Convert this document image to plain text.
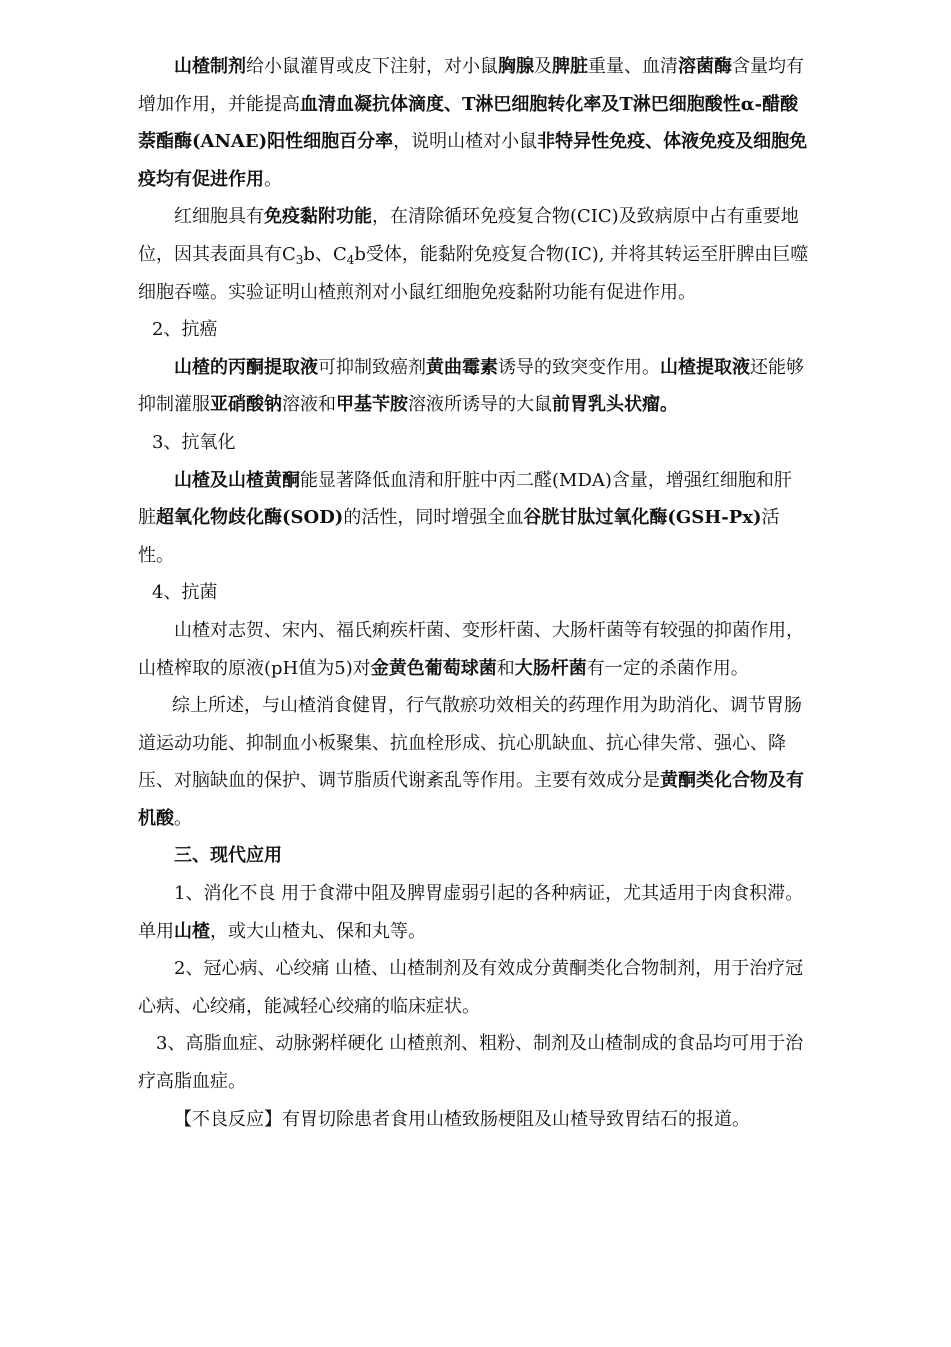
山楂制剂给小鼠灌胃或皮下注射，对小鼠胸腺及脾脏重量、血清溶菌酶含量均有增加作用，并能提高血清血凝抗体滴度、T淋巴细胞转化率及T淋巴细胞酸性α-醋酸萘酯酶(ANAE)阳性细胞百分率，说明山楂对小鼠非特异性免疫、体液免疫及细胞免疫均有促进作用。

红细胞具有免疫黏附功能，在清除循环免疫复合物(CIC)及致病原中占有重要地位，因其表面具有$C_3b$、$C_4b$受体，能黏附免疫复合物(IC), 并将其转运至肝脾由巨噬细胞吞噬。实验证明山楂煎剂对小鼠红细胞免疫黏附功能有促进作用。

2、抗癌

山楂的丙酮提取液可抑制致癌剂黄曲霉素诱导的致突变作用。山楂提取液还能够抑制灌服亚硝酸钠溶液和甲基苄胺溶液所诱导的大鼠前胃乳头状瘤。

3、抗氧化

山楂及山楂黄酮能显著降低血清和肝脏中丙二醛(MDA)含量，增强红细胞和肝脏超氧化物歧化酶(SOD)的活性，同时增强全血谷胱甘肽过氧化酶(GSH-Px)活性。

4、抗菌

山楂对志贺、宋内、福氏痢疾杆菌、变形杆菌、大肠杆菌等有较强的抑菌作用，山楂榨取的原液(pH值为5)对金黄色葡萄球菌和大肠杆菌有一定的杀菌作用。

综上所述，与山楂消食健胃，行气散瘀功效相关的药理作用为助消化、调节胃肠道运动功能、抑制血小板聚集、抗血栓形成、抗心肌缺血、抗心律失常、强心、降压、对脑缺血的保护、调节脂质代谢紊乱等作用。主要有效成分是黄酮类化合物及有机酸。

三、现代应用

1、消化不良 用于食滞中阻及脾胃虚弱引起的各种病证，尤其适用于肉食积滞。单用山楂，或大山楂丸、保和丸等。

2、冠心病、心绞痛 山楂、山楂制剂及有效成分黄酮类化合物制剂，用于治疗冠心病、心绞痛，能减轻心绞痛的临床症状。

3、高脂血症、动脉粥样硬化 山楂煎剂、粗粉、制剂及山楂制成的食品均可用于治疗高脂血症。

【不良反应】有胃切除患者食用山楂致肠梗阻及山楂导致胃结石的报道。
